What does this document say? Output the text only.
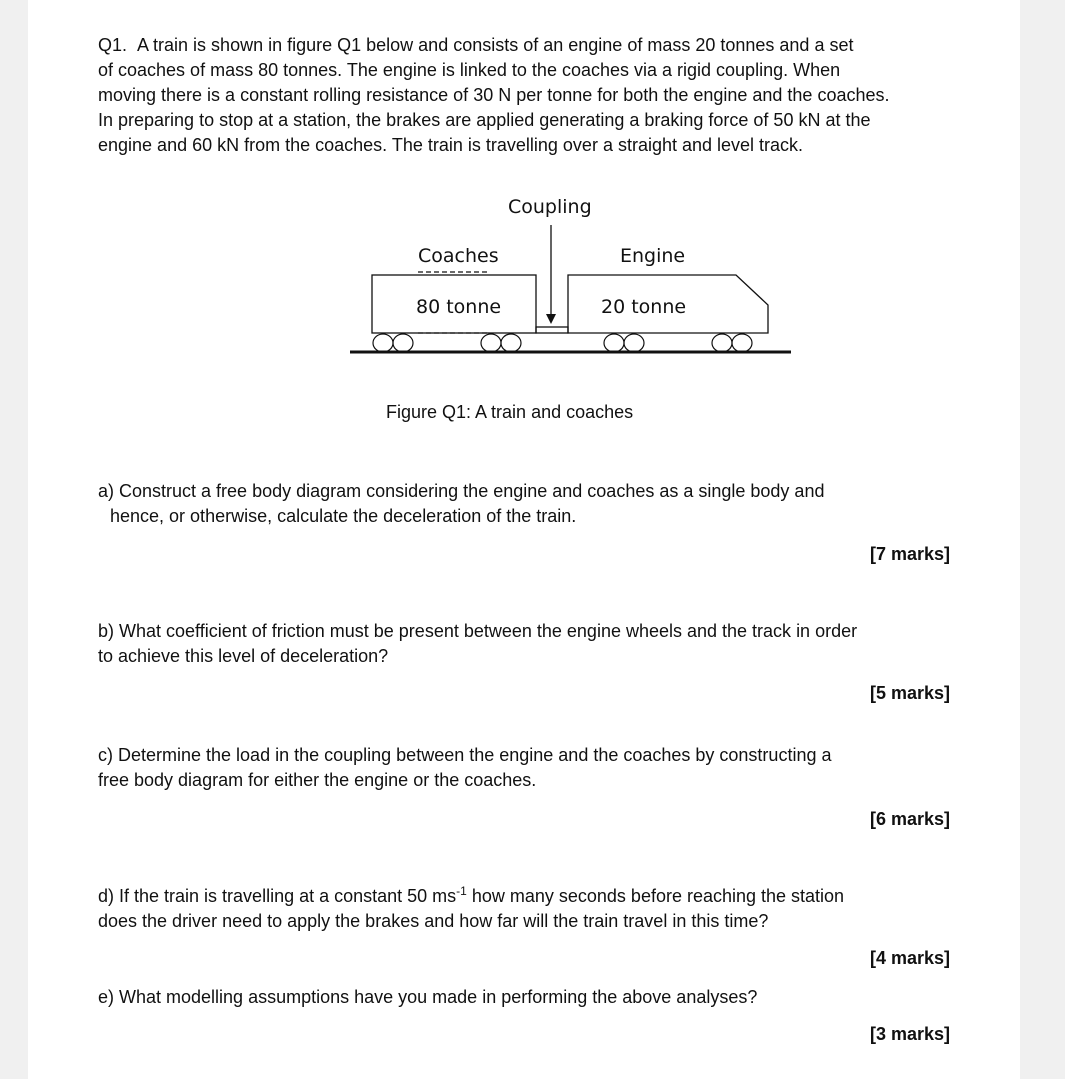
Q1. A train is shown in figure Q1 below and consists of an engine of mass 20 tonnes and a set
of coaches of mass 80 tonnes. The engine is linked to the coaches via a rigid coupling. When
moving there is a constant rolling resistance of 30 N per tonne for both the engine and the coaches.
In preparing to stop at a station, the brakes are applied generating a braking force of 50 kN at the
engine and 60 kN from the coaches. The train is travelling over a straight and level track.
Coupling
Coaches	Engine
80 tonne	20 tonne
Figure Q1: A train and coaches
a) Construct a free body diagram considering the engine and coaches as a single body and
hence, or otherwise, calculate the deceleration of the train.
[7 marks]
b) What coefficient of friction must be present between the engine wheels and the track in order
to achieve this level of deceleration?
[5 marks]
c) Determine the load in the coupling between the engine and the coaches by constructing a
free body diagram for either the engine or the coaches.
[6 marks]
d) If the train is travelling at a constant 50 $ms^{-1}$ how many seconds before reaching the station
does the driver need to apply the brakes and how far will the train travel in this time?
[4 marks]
e) What modelling assumptions have you made in performing the above analyses?
[3 marks]
